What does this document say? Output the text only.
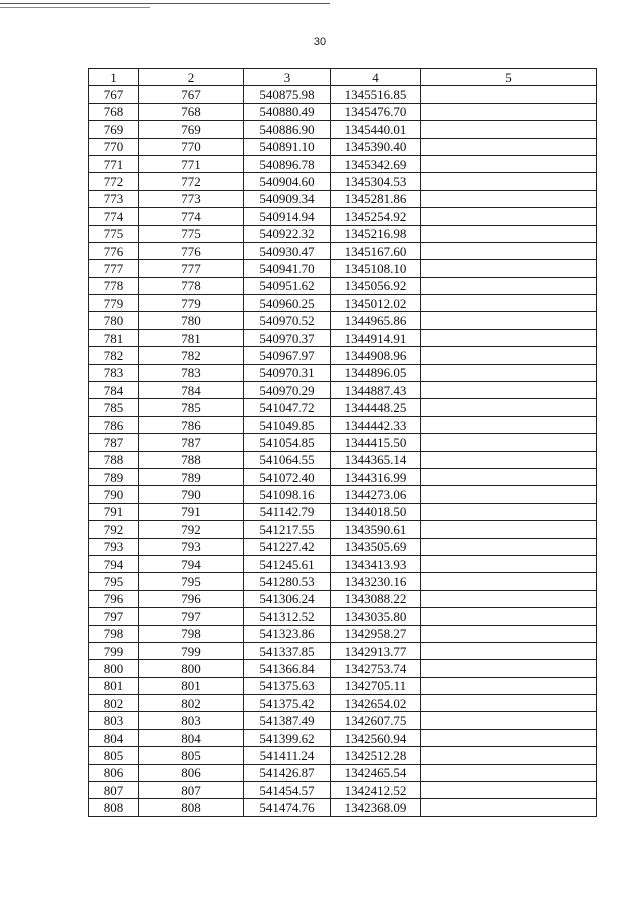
30
1	2	3	4	5
767	767	540875.98	1345516.85	
768	768	540880.49	1345476.70	
769	769	540886.90	1345440.01	
770	770	540891.10	1345390.40	
771	771	540896.78	1345342.69	
772	772	540904.60	1345304.53	
773	773	540909.34	1345281.86	
774	774	540914.94	1345254.92	
775	775	540922.32	1345216.98	
776	776	540930.47	1345167.60	
777	777	540941.70	1345108.10	
778	778	540951.62	1345056.92	
779	779	540960.25	1345012.02	
780	780	540970.52	1344965.86	
781	781	540970.37	1344914.91	
782	782	540967.97	1344908.96	
783	783	540970.31	1344896.05	
784	784	540970.29	1344887.43	
785	785	541047.72	1344448.25	
786	786	541049.85	1344442.33	
787	787	541054.85	1344415.50	
788	788	541064.55	1344365.14	
789	789	541072.40	1344316.99	
790	790	541098.16	1344273.06	
791	791	541142.79	1344018.50	
792	792	541217.55	1343590.61	
793	793	541227.42	1343505.69	
794	794	541245.61	1343413.93	
795	795	541280.53	1343230.16	
796	796	541306.24	1343088.22	
797	797	541312.52	1343035.80	
798	798	541323.86	1342958.27	
799	799	541337.85	1342913.77	
800	800	541366.84	1342753.74	
801	801	541375.63	1342705.11	
802	802	541375.42	1342654.02	
803	803	541387.49	1342607.75	
804	804	541399.62	1342560.94	
805	805	541411.24	1342512.28	
806	806	541426.87	1342465.54	
807	807	541454.57	1342412.52	
808	808	541474.76	1342368.09	
